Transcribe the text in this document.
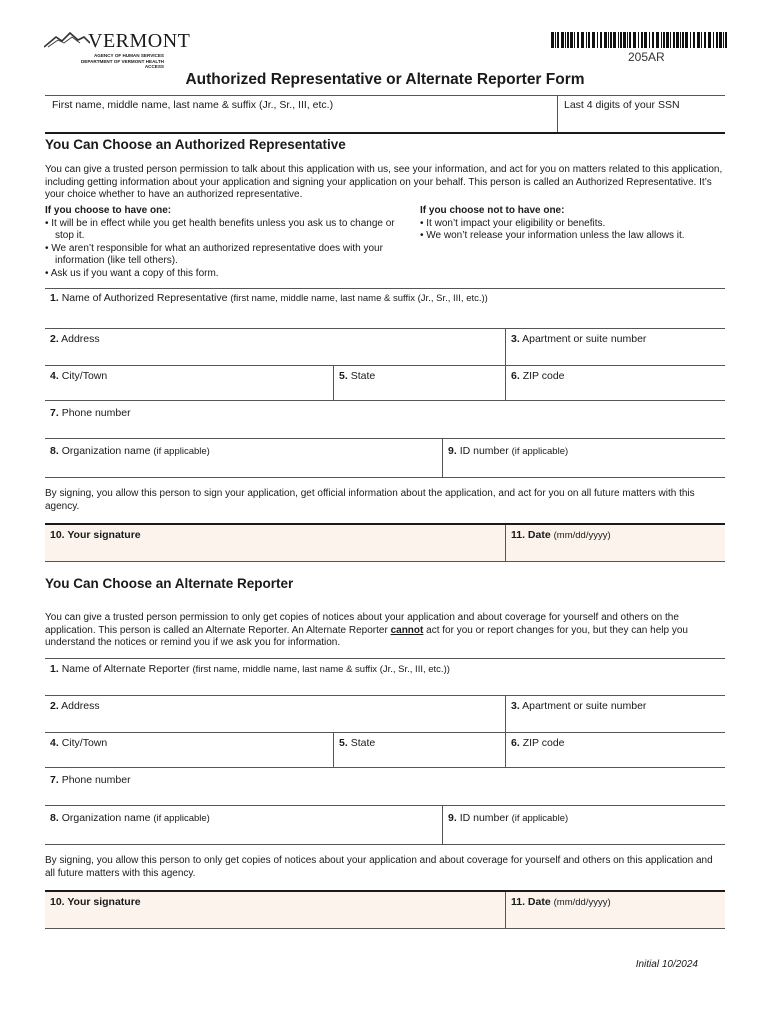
VERMONT
AGENCY OF HUMAN SERVICES
DEPARTMENT OF VERMONT HEALTH ACCESS
205AR
Authorized Representative or Alternate Reporter Form
First name, middle name, last name & suffix (Jr., Sr., III, etc.)	Last 4 digits of your SSN
You Can Choose an Authorized Representative
You can give a trusted person permission to talk about this application with us, see your information, and act for you on matters related to this application, including getting information about your application and signing your application on your behalf. This person is called an Authorized Representative. It’s your choice whether to have an authorized representative.
If you choose to have one:
• It will be in effect while you get health benefits unless you ask us to change or stop it.
• We aren’t responsible for what an authorized representative does with your information (like tell others).
• Ask us if you want a copy of this form.
If you choose not to have one:
• It won’t impact your eligibility or benefits.
• We won’t release your information unless the law allows it.
1. Name of Authorized Representative (first name, middle name, last name & suffix (Jr., Sr., III, etc.))
2. Address	3. Apartment or suite number
4. City/Town	5. State	6. ZIP code
7. Phone number
8. Organization name (if applicable)	9. ID number (if applicable)
By signing, you allow this person to sign your application, get official information about the application, and act for you on all future matters with this agency.
10. Your signature	11. Date (mm/dd/yyyy)
You Can Choose an Alternate Reporter
You can give a trusted person permission to only get copies of notices about your application and about coverage for yourself and others on the application. This person is called an Alternate Reporter. An Alternate Reporter cannot act for you or report changes for you, but they can help you understand the notices or remind you if we ask you for information.
1. Name of Alternate Reporter (first name, middle name, last name & suffix (Jr., Sr., III, etc.))
2. Address	3. Apartment or suite number
4. City/Town	5. State	6. ZIP code
7. Phone number
8. Organization name (if applicable)	9. ID number (if applicable)
By signing, you allow this person to only get copies of notices about your application and about coverage for yourself and others on this application and all future matters with this agency.
10. Your signature	11. Date (mm/dd/yyyy)
Initial 10/2024
